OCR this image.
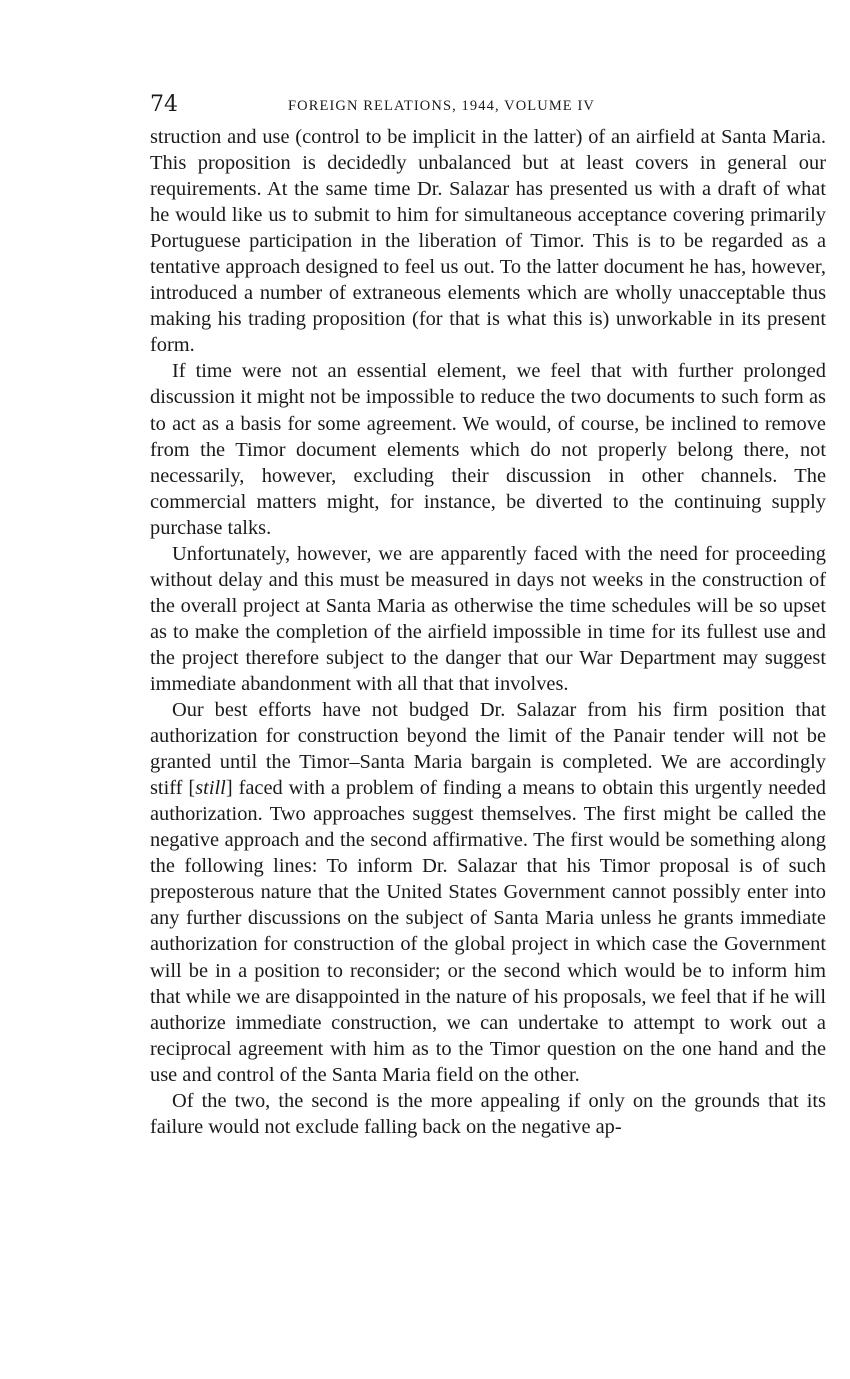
74	FOREIGN RELATIONS, 1944, VOLUME IV

struction and use (control to be implicit in the latter) of an airfield at Santa Maria. This proposition is decidedly unbalanced but at least covers in general our requirements. At the same time Dr. Salazar has presented us with a draft of what he would like us to submit to him for simultaneous acceptance covering primarily Portuguese participation in the liberation of Timor. This is to be regarded as a tentative approach designed to feel us out. To the latter document he has, however, introduced a number of extraneous elements which are wholly unacceptable thus making his trading proposition (for that is what this is) unworkable in its present form.

If time were not an essential element, we feel that with further prolonged discussion it might not be impossible to reduce the two documents to such form as to act as a basis for some agreement. We would, of course, be inclined to remove from the Timor document elements which do not properly belong there, not necessarily, however, excluding their discussion in other channels. The commercial matters might, for instance, be diverted to the continuing supply purchase talks.

Unfortunately, however, we are apparently faced with the need for proceeding without delay and this must be measured in days not weeks in the construction of the overall project at Santa Maria as otherwise the time schedules will be so upset as to make the completion of the airfield impossible in time for its fullest use and the project therefore subject to the danger that our War Department may suggest immediate abandonment with all that that involves.

Our best efforts have not budged Dr. Salazar from his firm position that authorization for construction beyond the limit of the Panair tender will not be granted until the Timor–Santa Maria bargain is completed. We are accordingly stiff [still] faced with a problem of finding a means to obtain this urgently needed authorization. Two approaches suggest themselves. The first might be called the negative approach and the second affirmative. The first would be something along the following lines: To inform Dr. Salazar that his Timor proposal is of such preposterous nature that the United States Government cannot possibly enter into any further discussions on the subject of Santa Maria unless he grants immediate authorization for construction of the global project in which case the Government will be in a position to reconsider; or the second which would be to inform him that while we are disappointed in the nature of his proposals, we feel that if he will authorize immediate construction, we can undertake to attempt to work out a reciprocal agreement with him as to the Timor question on the one hand and the use and control of the Santa Maria field on the other.

Of the two, the second is the more appealing if only on the grounds that its failure would not exclude falling back on the negative ap-
